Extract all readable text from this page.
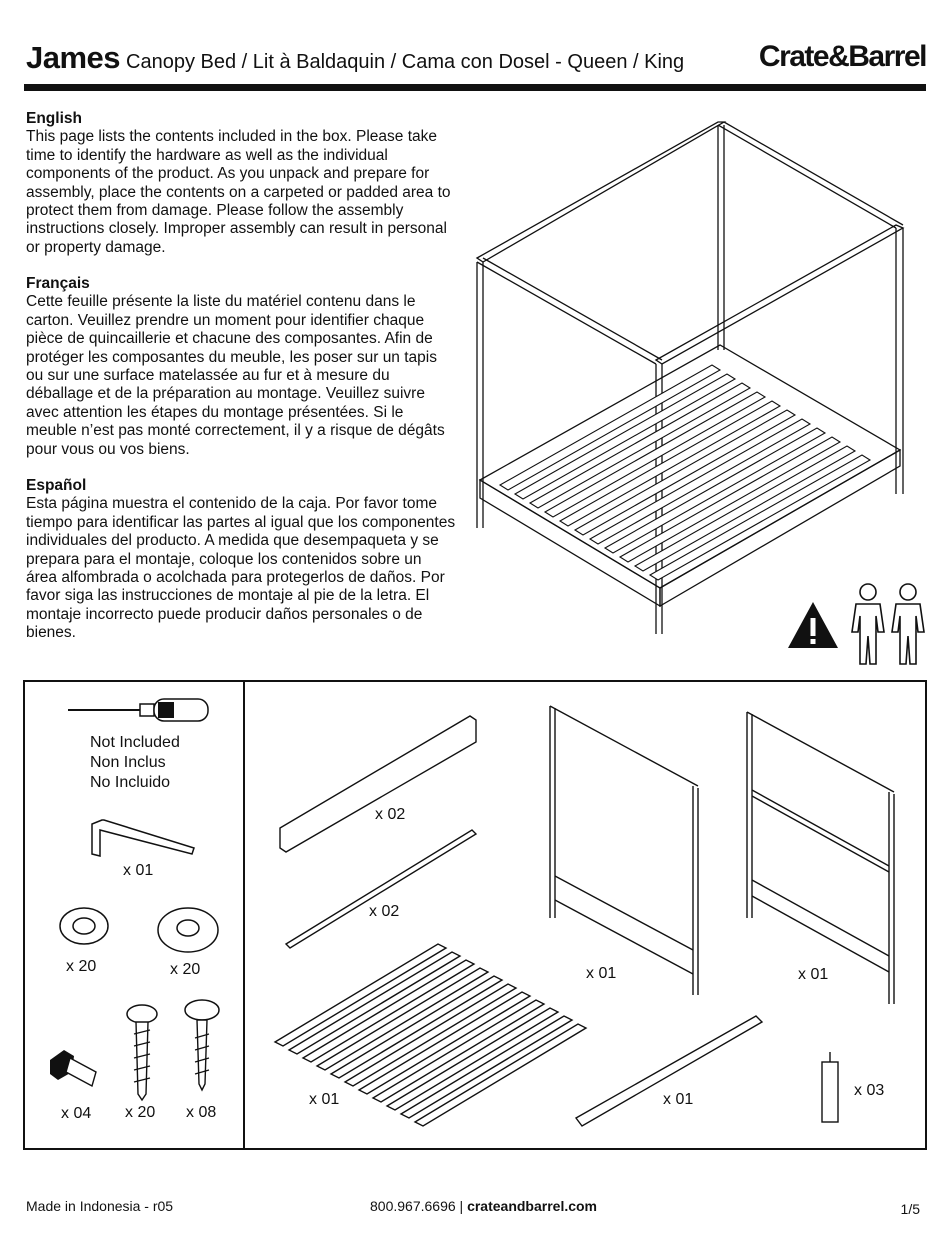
James Canopy Bed / Lit à Baldaquin / Cama con Dosel - Queen / King	Crate&Barrel
English

This page lists the contents included in the box. Please take time to identify the hardware as well as the individual components of the product. As you unpack and prepare for assembly, place the contents on a carpeted or padded area to protect them from damage. Please follow the assembly instructions closely. Improper assembly can result in personal or property damage.

Français

Cette feuille présente la liste du matériel contenu dans le carton. Veuillez prendre un moment pour identifier chaque pièce de quincaillerie et chacune des composantes. Afin de protéger les composantes du meuble, les poser sur un tapis ou sur une surface matelassée au fur et à mesure du déballage et de la préparation au montage. Veuillez suivre avec attention les étapes du montage présentées. Si le meuble n’est pas monté correctement, il y a risque de dégâts pour vous ou vos biens.

Español

Esta página muestra el contenido de la caja. Por favor tome tiempo para identificar las partes al igual que los componentes individuales del producto. A medida que desempaqueta y se prepara para el montaje, coloque los contenidos sobre un área alfombrada o acolchada para protegerlos de daños. Por favor siga las instrucciones de montaje al pie de la letra. El montaje incorrecto puede producir daños personales o de bienes.

Not Included
Non Inclus
No Incluido
x 01
x 20	x 20
x 04 x 20 x 08
x 02
x 02
x 01
x 01	x 01
x 01
x 03
Made in Indonesia - r05	800.967.6696 | crateandbarrel.com	1/5
